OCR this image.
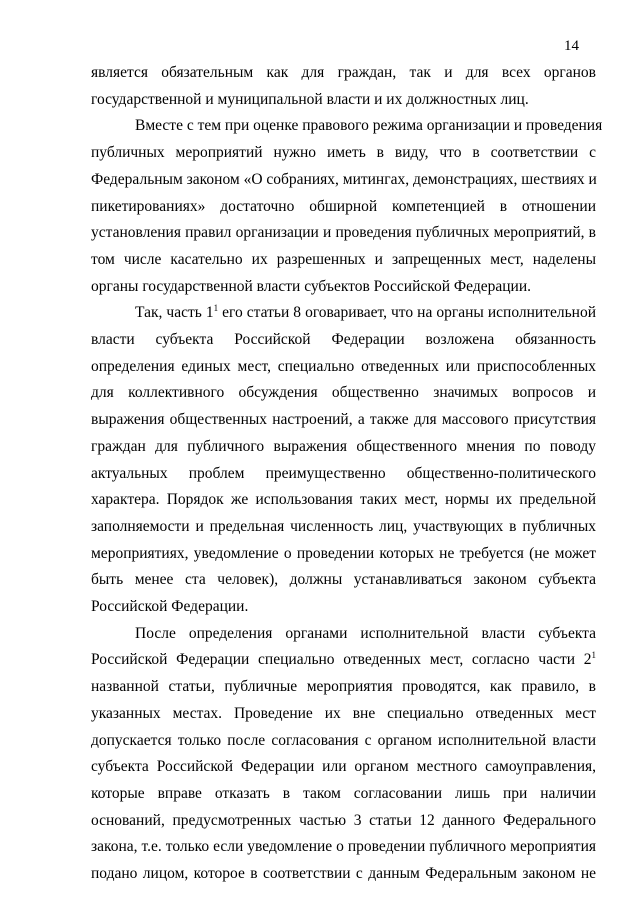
14

является обязательным как для граждан, так и для всех органов

государственной и муниципальной власти и их должностных лиц.

Вместе с тем при оценке правового режима организации и проведения

публичных мероприятий нужно иметь в виду, что в соответствии с

Федеральным законом «О собраниях, митингах, демонстрациях, шествиях и

пикетированиях» достаточно обширной компетенцией в отношении

установления правил организации и проведения публичных мероприятий, в

том числе касательно их разрешенных и запрещенных мест, наделены

органы государственной власти субъектов Российской Федерации.

Так, часть $1^1$ его статьи 8 оговаривает, что на органы исполнительной

власти субъекта Российской Федерации возложена обязанность

определения единых мест, специально отведенных или приспособленных

для коллективного обсуждения общественно значимых вопросов и

выражения общественных настроений, а также для массового присутствия

граждан для публичного выражения общественного мнения по поводу

актуальных проблем преимущественно общественно-политического

характера. Порядок же использования таких мест, нормы их предельной

заполняемости и предельная численность лиц, участвующих в публичных

мероприятиях, уведомление о проведении которых не требуется (не может

быть менее ста человек), должны устанавливаться законом субъекта

Российской Федерации.

После определения органами исполнительной власти субъекта

Российской Федерации специально отведенных мест, согласно части $2^1$

названной статьи, публичные мероприятия проводятся, как правило, в

указанных местах. Проведение их вне специально отведенных мест

допускается только после согласования с органом исполнительной власти

субъекта Российской Федерации или органом местного самоуправления,

которые вправе отказать в таком согласовании лишь при наличии

оснований, предусмотренных частью 3 статьи 12 данного Федерального

закона, т.е. только если уведомление о проведении публичного мероприятия

подано лицом, которое в соответствии с данным Федеральным законом не
